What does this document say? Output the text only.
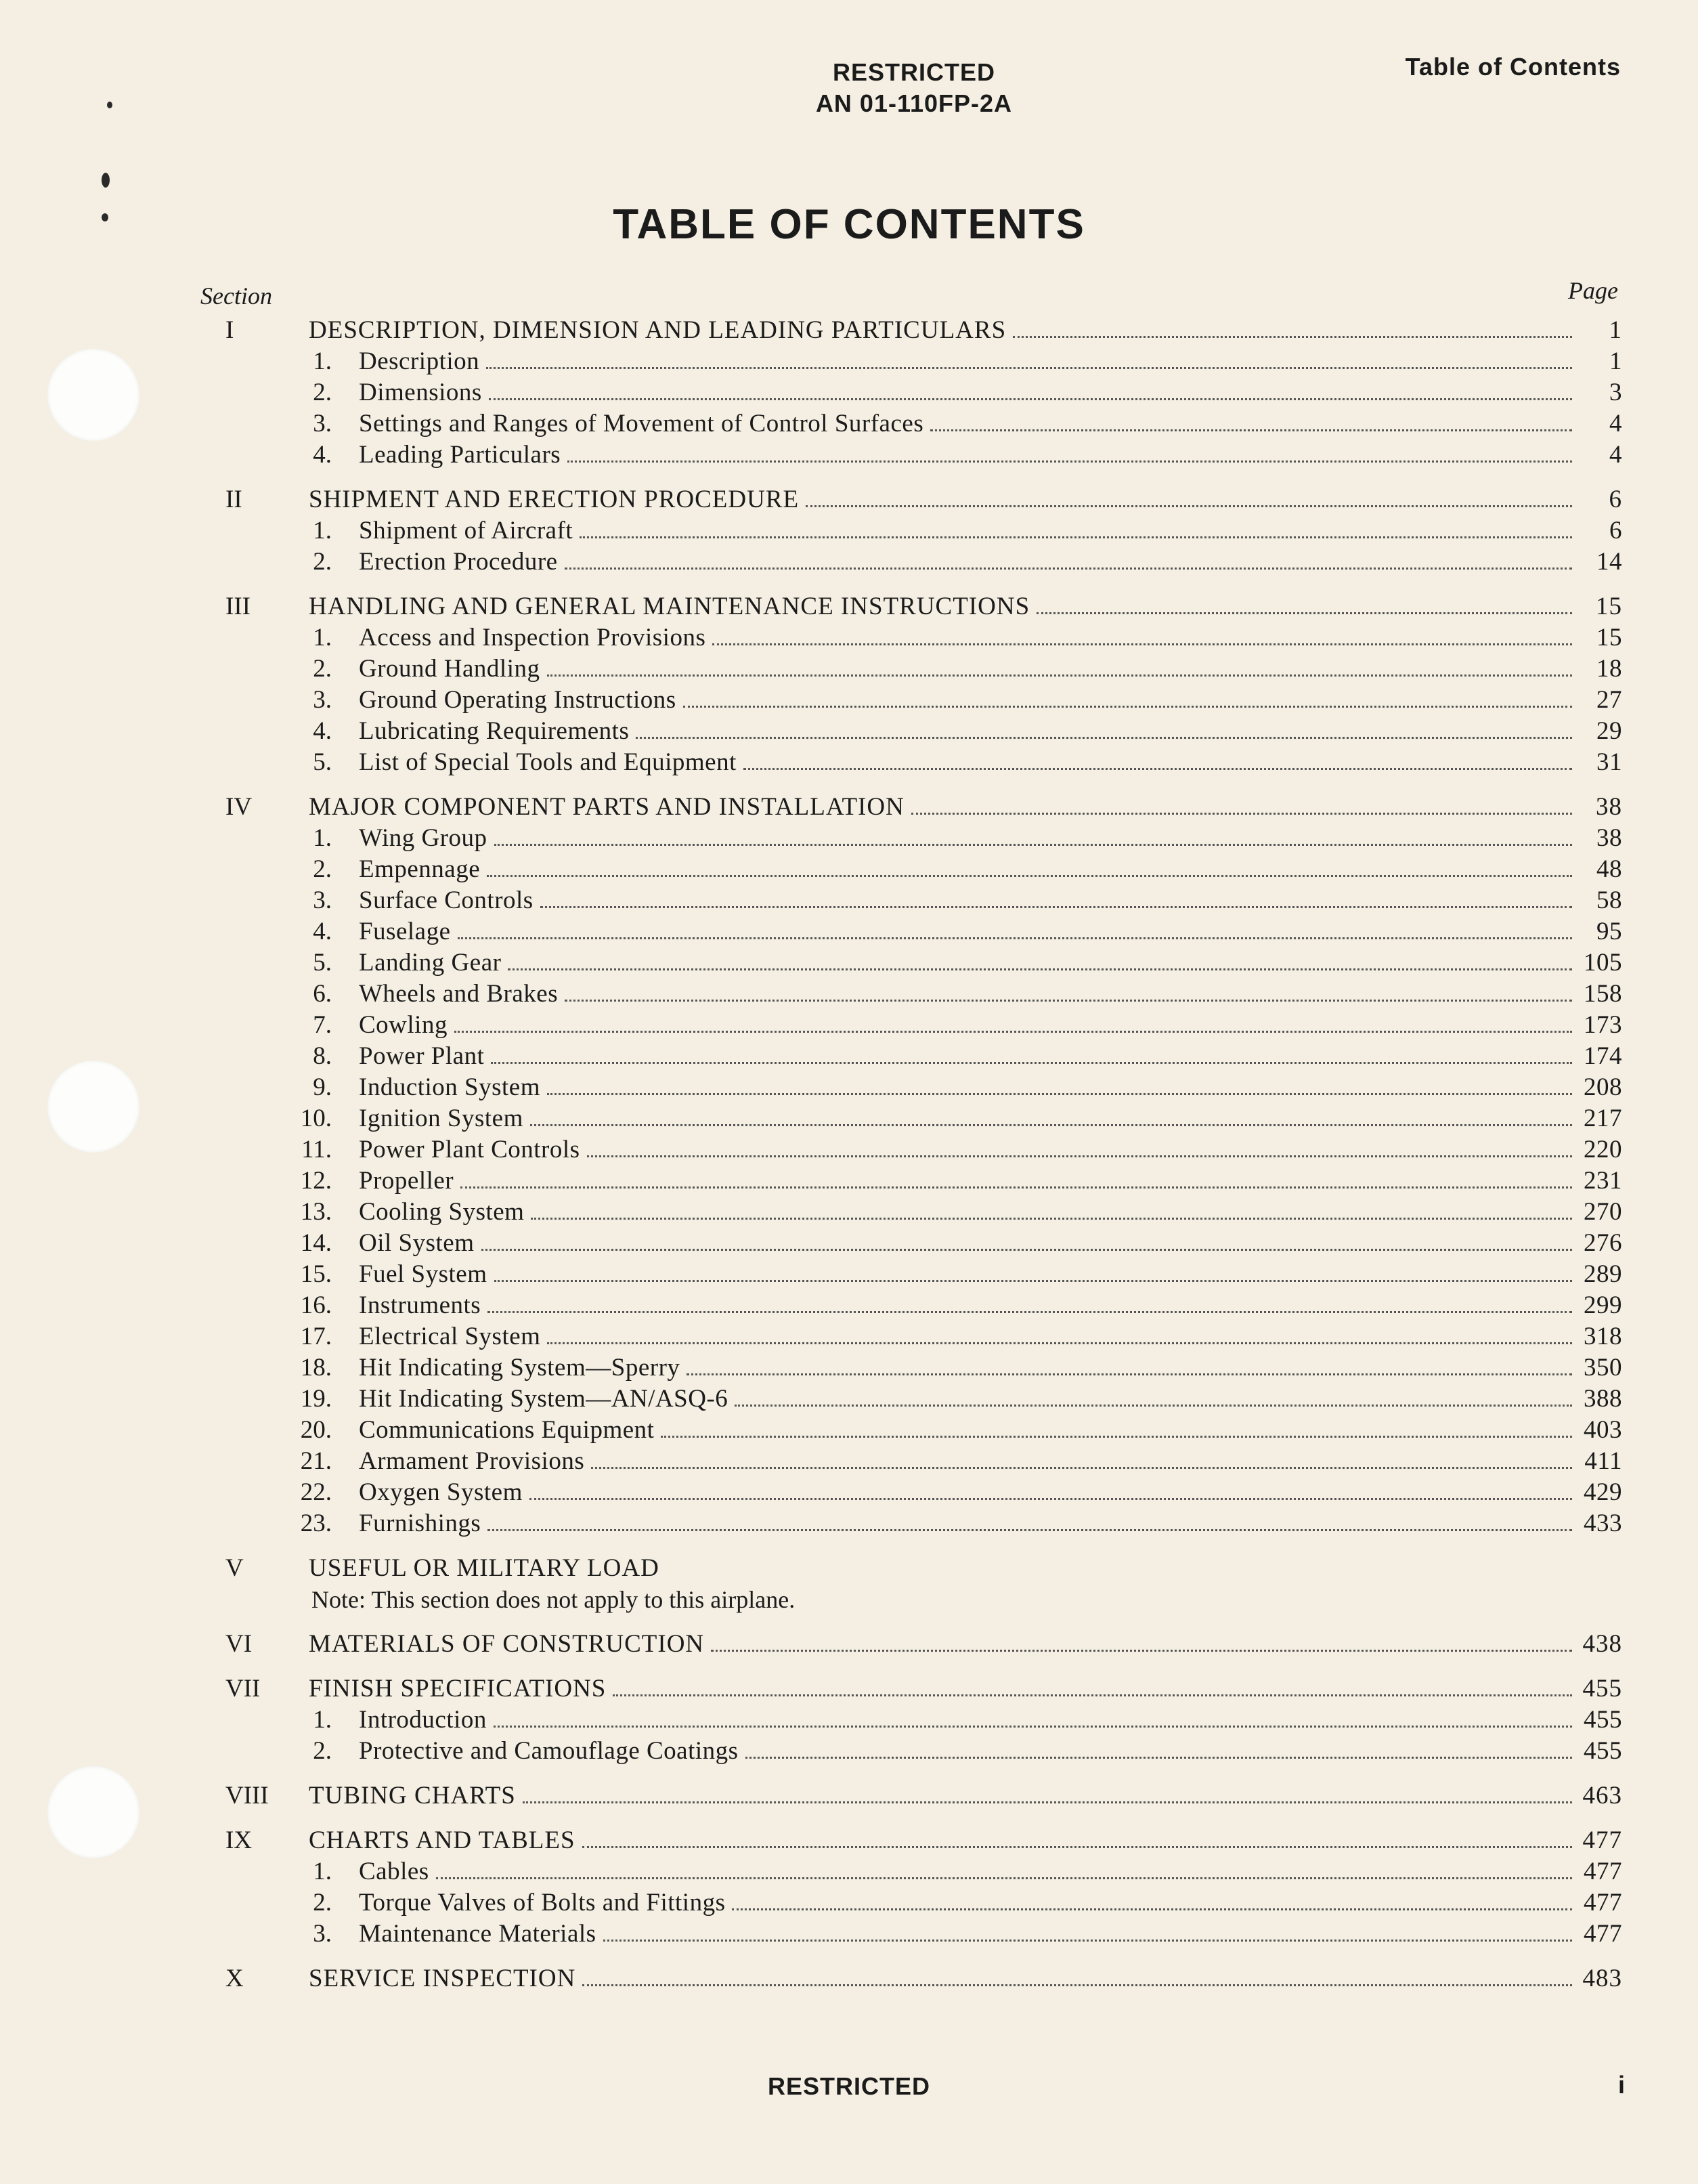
RESTRICTED
AN 01-110FP-2A
Table of Contents
TABLE OF CONTENTS
Section	Page
I	DESCRIPTION, DIMENSION AND LEADING PARTICULARS	1
1. Description	1
2. Dimensions	3
3. Settings and Ranges of Movement of Control Surfaces	4
4. Leading Particulars	4
II	SHIPMENT AND ERECTION PROCEDURE	6
1. Shipment of Aircraft	6
2. Erection Procedure	14
III HANDLING AND GENERAL MAINTENANCE INSTRUCTIONS	15
1. Access and Inspection Provisions	15
2. Ground Handling	18
3. Ground Operating Instructions	27
4. Lubricating Requirements	29
5. List of Special Tools and Equipment	31
IV MAJOR COMPONENT PARTS AND INSTALLATION	38
1. Wing Group	38
2. Empennage	48
3. Surface Controls	58
4. Fuselage	95
5. Landing Gear	105
6. Wheels and Brakes	158
7. Cowling	173
8. Power Plant	174
9. Induction System	208
10. Ignition System	217
11. Power Plant Controls	220
12. Propeller	231
13. Cooling System	270
14. Oil System	276
15. Fuel System	289
16. Instruments	299
17. Electrical System	318
18. Hit Indicating System—Sperry	350
19. Hit Indicating System—AN/ASQ-6	388
20. Communications Equipment	403
21. Armament Provisions	411
22. Oxygen System	429
23. Furnishings	433
V	USEFUL OR MILITARY LOAD
Note: This section does not apply to this airplane.
VI MATERIALS OF CONSTRUCTION	438
VII FINISH SPECIFICATIONS	455
1. Introduction	455
2. Protective and Camouflage Coatings	455
VIII TUBING CHARTS	463
IX CHARTS AND TABLES	477
1. Cables	477
2. Torque Valves of Bolts and Fittings	477
3. Maintenance Materials	477
X	SERVICE INSPECTION	483
RESTRICTED	i
